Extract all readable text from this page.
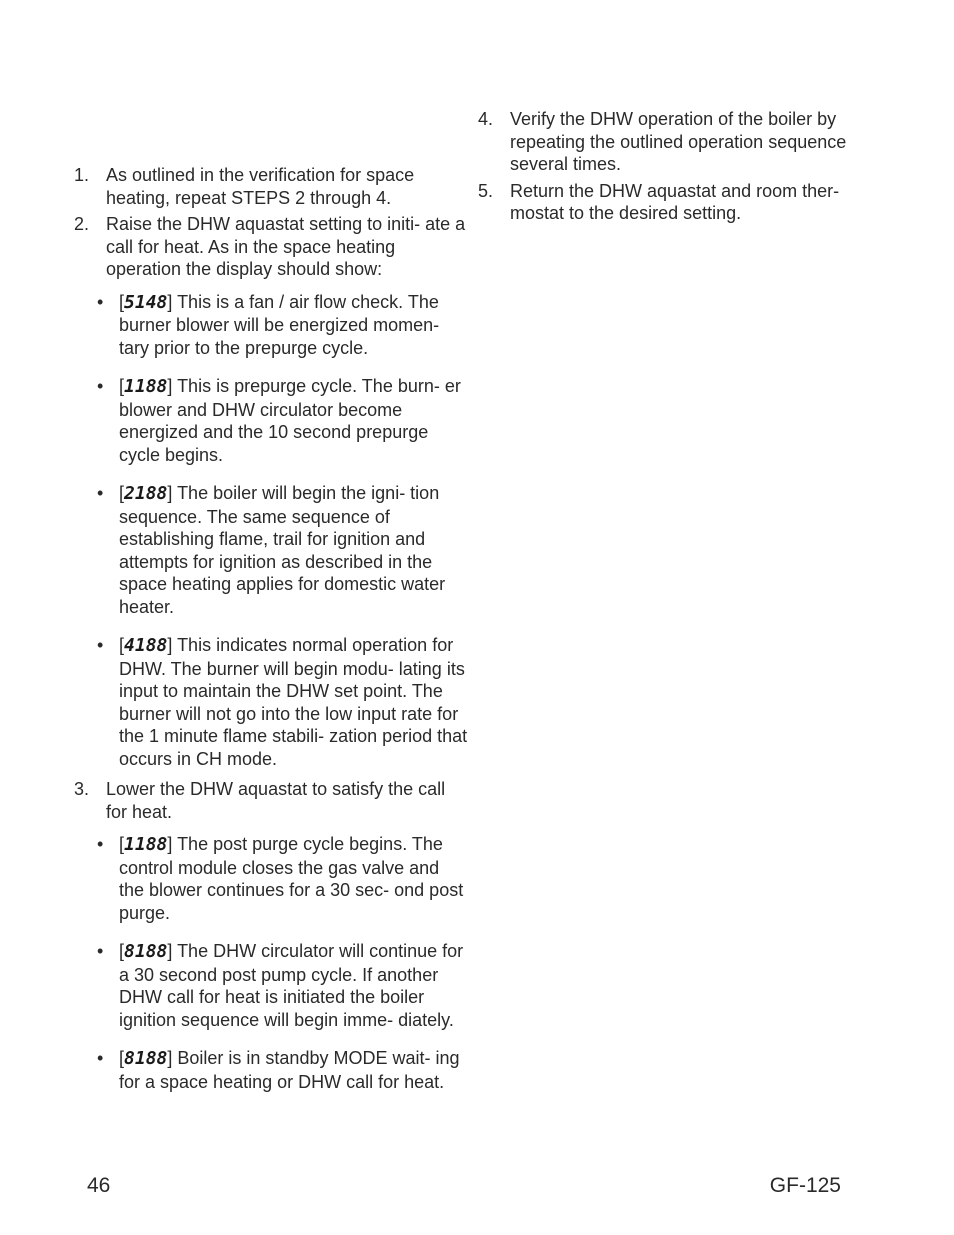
1. As outlined in the verification for space heating, repeat STEPS 2 through 4.
2. Raise the DHW aquastat setting to initi- ate a call for heat. As in the space heating operation the display should show:
• [5148] This is a fan / air flow check. The burner blower will be energized momen- tary prior to the prepurge cycle.
• [1188] This is prepurge cycle. The burn- er blower and DHW circulator become energized and the 10 second prepurge cycle begins.
• [2188] The boiler will begin the igni- tion sequence. The same sequence of establishing flame, trail for ignition and attempts for ignition as described in the space heating applies for domestic water heater.
• [4188] This indicates normal operation for DHW. The burner will begin modu- lating its input to maintain the DHW set point. The burner will not go into the low input rate for the 1 minute flame stabili- zation period that occurs in CH mode.
3. Lower the DHW aquastat to satisfy the call for heat.
• [1188] The post purge cycle begins. The control module closes the gas valve and the blower continues for a 30 sec- ond post purge.
• [8188] The DHW circulator will continue for a 30 second post pump cycle. If another DHW call for heat is initiated the boiler ignition sequence will begin imme- diately.
• [8188] Boiler is in standby MODE wait- ing for a space heating or DHW call for heat.
4. Verify the DHW operation of the boiler by repeating the outlined operation sequence several times.
5. Return the DHW aquastat and room ther- mostat to the desired setting.
46	GF-125
